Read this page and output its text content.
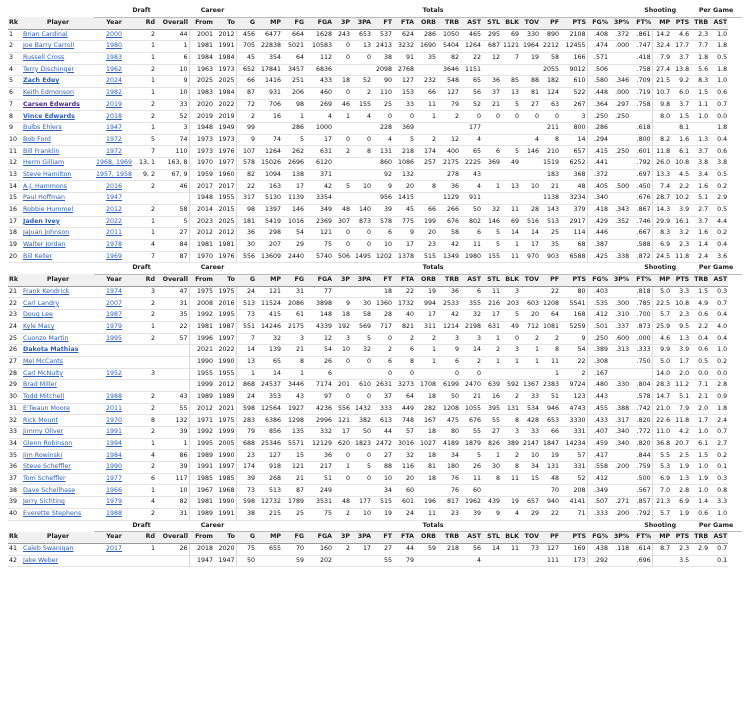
		Draft			Career		Totals																		Shooting			Per Game	
Rk	Player	Year	Rd	Overall	From	To	G	MP	FG	FGA	3P	3PA	FT	FTA	ORB	TRB	AST	STL	BLK	TOV	PF	PTS	FG%	3P%	FT%	MP	PTS	TRB	AST
1	Brian Cardinal	2000	2	44	2001	2012	456	6477	664	1628	243	653	537	624	286	1050	465	295	69	330	890	2108	.408	.372	.861	14.2	4.6	2.3	1.0
2	Joe Barry Carroll	1980	1	1	1981	1991	705	22838	5021	10583	0	13	2413	3232	1690	5404	1264	687	1121	1964	2212	12455	.474	.000	.747	32.4	17.7	7.7	1.8
3	Russell Cross	1983	1	6	1984	1984	45	354	64	112	0	0	38	91	35	82	22	12	7	19	58	166	.571		.418	7.9	3.7	1.8	0.5
4	Terry Dischinger	1962	2	10	1963	1973	652	17841	3457	6836			2098	2768		3646	1151				2055	9012	.506		.758	27.4	13.8	5.6	1.8
5	Zach Edey	2024	1	9	2025	2025	66	1416	251	433	18	52	90	127	232	548	65	36	85	88	182	610	.580	.346	.709	21.5	9.2	8.3	1.0
6	Keith Edmonson	1982	1	10	1983	1984	87	931	206	460	0	2	110	153	66	127	56	37	13	81	124	522	.448	.000	.719	10.7	6.0	1.5	0.6
7	Carsen Edwards	2019	2	33	2020	2022	72	706	98	269	46	155	25	33	11	79	52	21	5	27	63	267	.364	.297	.758	9.8	3.7	1.1	0.7
8	Vince Edwards	2018	2	52	2019	2019	2	16	1	4	1	4	0	0	1	2	0	0	0	0	0	3	.250	.250		8.0	1.5	1.0	0.0
9	Bulbs Ehlers	1947	1	3	1948	1949	99		286	1000			228	369			177				211	800	.286		.618		8.1		1.8
10	Bob Ford	1972	5	74	1973	1973	9	74	5	17	0	0	4	5	2	12	4			4	8	14	.294		.800	8.2	1.6	1.3	0.4
11	Bill Franklin	1972	7	110	1973	1976	107	1264	262	631	2	8	131	218	174	400	65	6	5	146	210	657	.415	.250	.601	11.8	6.1	3.7	0.6
12	Herm Gilliam	1968, 1969	13, 1	163, 8	1970	1977	578	15026	2696	6120			860	1086	257	2175	2225	369	49		1519	6252	.441		.792	26.0	10.8	3.8	3.8
13	Steve Hamilton	1957, 1958	9, 2	67, 9	1959	1960	82	1094	138	371			92	132		278	43				183	368	.372		.697	13.3	4.5	3.4	0.5
14	A.J. Hammons	2016	2	46	2017	2017	22	163	17	42	5	10	9	20	8	36	4	1	13	10	21	48	.405	.500	.450	7.4	2.2	1.6	0.2
15	Paul Hoffman	1947			1948	1955	317	5130	1139	3354			956	1415		1129	911				1138	3234	.340		.676	28.7	10.2	5.1	2.9
16	Robbie Hummel	2012	2	58	2014	2015	98	1397	146	349	48	140	39	45	66	266	50	32	11	28	143	379	.418	.343	.867	14.3	3.9	2.7	0.5
17	Jaden Ivey	2022	1	5	2023	2025	181	5419	1016	2369	307	873	578	775	199	676	802	146	69	516	513	2917	.429	.352	.746	29.9	16.1	3.7	4.4
18	JaJuan Johnson	2011	1	27	2012	2012	36	298	54	121	0	0	6	9	20	58	6	5	14	14	25	114	.446		.667	8.3	3.2	1.6	0.2
19	Walter Jordan	1978	4	84	1981	1981	30	207	29	75	0	0	10	17	23	42	11	5	1	17	35	68	.387		.588	6.9	2.3	1.4	0.4
20	Bill Keller	1969	7	87	1970	1976	556	13609	2440	5740	506	1495	1202	1378	515	1349	1980	155	11	970	903	6588	.425	.338	.872	24.5	11.8	2.4	3.6
		Draft			Career		Totals																		Shooting			Per Game	
Rk	Player	Year	Rd	Overall	From	To	G	MP	FG	FGA	3P	3PA	FT	FTA	ORB	TRB	AST	STL	BLK	TOV	PF	PTS	FG%	3P%	FT%	MP	PTS	TRB	AST
21	Frank Kendrick	1974	3	47	1975	1975	24	121	31	77			18	22	19	36	6	11	3		22	80	.403		.818	5.0	3.3	1.5	0.3
22	Carl Landry	2007	2	31	2008	2016	513	11524	2086	3898	9	30	1360	1732	994	2533	355	216	203	603	1208	5541	.535	.300	.785	22.5	10.8	4.9	0.7
23	Doug Lee	1987	2	35	1992	1995	73	415	61	148	18	58	28	40	17	42	32	17	5	20	64	168	.412	.310	.700	5.7	2.3	0.6	0.4
24	Kyle Macy	1979	1	22	1981	1987	551	14246	2175	4339	192	569	717	821	311	1214	2198	631	49	712	1081	5259	.501	.337	.873	25.9	9.5	2.2	4.0
25	Cuonzo Martin	1995	2	57	1996	1997	7	32	3	12	3	5	0	2	2	3	3	1	0	2	2	9	.250	.600	.000	4.6	1.3	0.4	0.4
26	Dakota Mathias				2021	2022	14	139	21	54	10	32	2	6	1	9	14	2	3	1	8	54	.389	.313	.333	9.9	3.9	0.6	1.0
27	Mel McCants				1990	1990	13	65	8	26	0	0	6	8	1	6	2	1	1	1	11	22	.308		.750	5.0	1.7	0.5	0.2
28	Carl McNulty	1952	3		1955	1955	1	14	1	6			0	0		0	0				1	2	.167			14.0	2.0	0.0	0.0
29	Brad Miller				1999	2012	868	24537	3446	7174	201	610	2631	3273	1708	6199	2470	639	592	1367	2383	9724	.480	.330	.804	28.3	11.2	7.1	2.8
30	Todd Mitchell	1988	2	43	1989	1989	24	353	43	97	0	0	37	64	18	50	21	16	2	33	51	123	.443		.578	14.7	5.1	2.1	0.9
31	E'Twaun Moore	2011	2	55	2012	2021	598	12564	1927	4236	556	1432	333	449	282	1208	1055	395	131	534	946	4743	.455	.388	.742	21.0	7.9	2.0	1.8
32	Rick Mount	1970	8	132	1971	1975	283	6386	1298	2996	121	382	613	748	167	475	676	55	8	428	653	3330	.433	.317	.820	22.6	11.8	1.7	2.4
33	Jimmy Oliver	1991	2	39	1992	1999	79	856	135	332	17	50	44	57	18	80	55	27	3	33	66	331	.407	.340	.772	11.0	4.2	1.0	0.7
34	Glenn Robinson	1994	1	1	1995	2005	688	25346	5571	12129	620	1823	2472	3016	1027	4189	1879	826	389	2147	1847	14234	.459	.340	.820	36.8	20.7	6.1	2.7
35	Jim Rowinski	1984	4	86	1989	1990	23	127	15	36	0	0	27	32	18	34	5	1	2	10	19	57	.417		.844	5.5	2.5	1.5	0.2
36	Steve Scheffler	1990	2	39	1991	1997	174	918	121	217	1	5	88	116	81	180	26	30	8	34	131	331	.558	.200	.759	5.3	1.9	1.0	0.1
37	Tom Scheffler	1977	6	117	1985	1985	39	268	21	51	0	0	10	20	18	76	11	8	11	15	48	52	.412		.500	6.9	1.3	1.9	0.3
38	Dave Schellhase	1966	1	10	1967	1968	73	513	87	249			34	60		76	60				70	208	.349		.567	7.0	2.8	1.0	0.8
39	Jerry Sichting	1979	4	82	1981	1990	598	12732	1789	3531	48	177	515	601	196	817	1962	439	19	657	940	4141	.507	.271	.857	21.3	6.9	1.4	3.3
40	Everette Stephens	1988	2	31	1989	1991	38	215	25	75	2	10	19	24	11	23	39	9	4	29	22	71	.333	.200	.792	5.7	1.9	0.6	1.0
		Draft			Career		Totals																		Shooting			Per Game	
Rk	Player	Year	Rd	Overall	From	To	G	MP	FG	FGA	3P	3PA	FT	FTA	ORB	TRB	AST	STL	BLK	TOV	PF	PTS	FG%	3P%	FT%	MP	PTS	TRB	AST
41	Caleb Swanigan	2017	1	26	2018	2020	75	655	70	160	2	17	27	44	59	218	56	14	11	73	127	169	.438	.118	.614	8.7	2.3	2.9	0.7
42	Jake Weber				1947	1947	50		59	202			55	79			4				111	173	.292		.696		3.5		0.1
